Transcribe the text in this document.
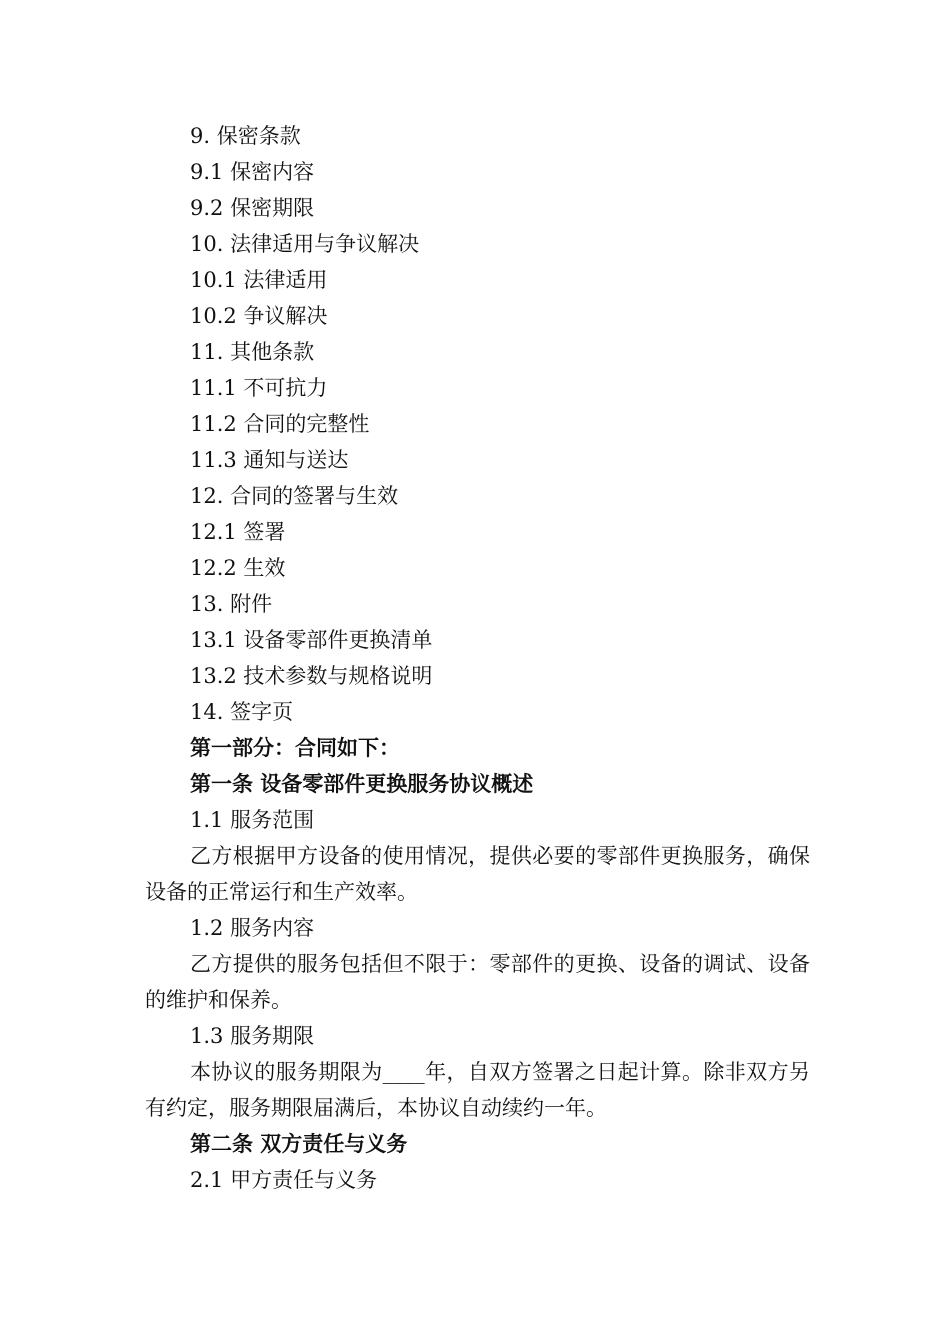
9. 保密条款
9.1 保密内容
9.2 保密期限
10. 法律适用与争议解决
10.1 法律适用
10.2 争议解决
11. 其他条款
11.1 不可抗力
11.2 合同的完整性
11.3 通知与送达
12. 合同的签署与生效
12.1 签署
12.2 生效
13. 附件
13.1 设备零部件更换清单
13.2 技术参数与规格说明
14. 签字页
第一部分：合同如下：
第一条 设备零部件更换服务协议概述
1.1 服务范围

乙方根据甲方设备的使用情况，提供必要的零部件更换服务，确保设备的正常运行和生产效率。

1.2 服务内容

乙方提供的服务包括但不限于：零部件的更换、设备的调试、设备的维护和保养。

1.3 服务期限

本协议的服务期限为____年，自双方签署之日起计算。除非双方另有约定，服务期限届满后，本协议自动续约一年。

第二条 双方责任与义务
2.1 甲方责任与义务
